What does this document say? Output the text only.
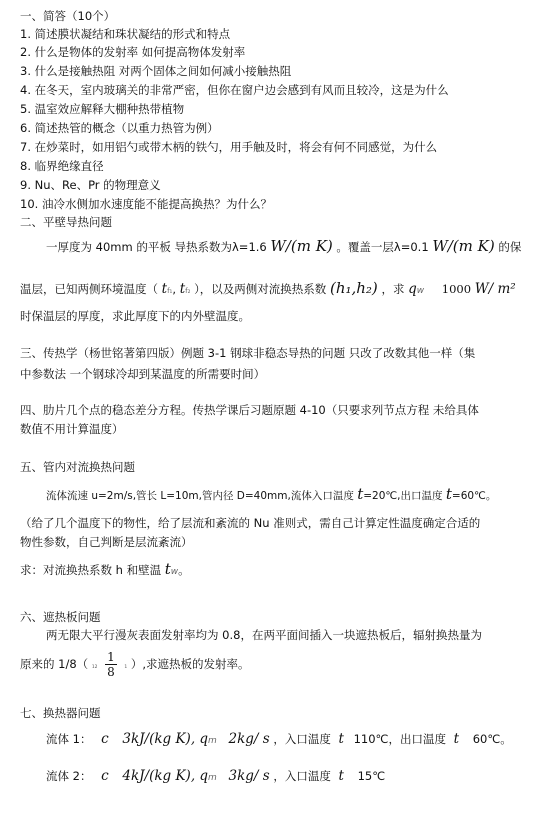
一、简答（10个）
1. 简述膜状凝结和珠状凝结的形式和特点
2. 什么是物体的发射率 如何提高物体发射率
3. 什么是接触热阻 对两个固体之间如何减小接触热阻
4. 在冬天，室内玻璃关的非常严密，但你在窗户边会感到有风而且较冷，这是为什么
5. 温室效应解释大棚种热带植物
6. 简述热管的概念（以重力热管为例）
7. 在炒菜时，如用铝勺或带木柄的铁勺，用手触及时，将会有何不同感觉，为什么
8. 临界绝缘直径
9. Nu、Re、Pr 的物理意义
10. 油冷水侧加水速度能不能提高换热？为什么？
二、平壁导热问题
一厚度为 40mm 的平板 导热系数为λ=1.6 W/(m K) 。覆盖一层λ=0.1 W/(m K) 的保
温层，已知两侧环境温度（ tf₁, tf₂ ），以及两侧对流换热系数 (h₁,h₂) ，求 qw 1000 W/ m²
时保温层的厚度，求此厚度下的内外壁温度。
三、传热学（杨世铭著第四版）例题 3-1 钢球非稳态导热的问题 只改了改数其他一样（集
中参数法 一个钢球冷却到某温度的所需要时间）
四、肋片几个点的稳态差分方程。传热学课后习题原题 4-10（只要求列节点方程 未给具体
数值不用计算温度）
五、管内对流换热问题
流体流速 u=2m/s,管长 L=10m,管内径 D=40mm,流体入口温度 t=20℃,出口温度 t=60℃。
（给了几个温度下的物性，给了层流和紊流的 Nu 准则式，需自己计算定性温度确定合适的
物性参数，自己判断是层流紊流）
求：对流换热系数 h 和壁温 tw。
六、遮热板问题
两无限大平行漫灰表面发射率均为 0.8，在两平面间插入一块遮热板后，辐射换热量为
原来的 1/8（ $_{12} \frac{1}{8} _1$ ）,求遮热板的发射率。
七、换热器问题
流体 1： c 3kJ/(kg K), qm 2kg/ s ，入口温度 t 110℃，出口温度 t 60℃。
流体 2： c 4kJ/(kg K), qm 3kg/ s ，入口温度 t 15℃
